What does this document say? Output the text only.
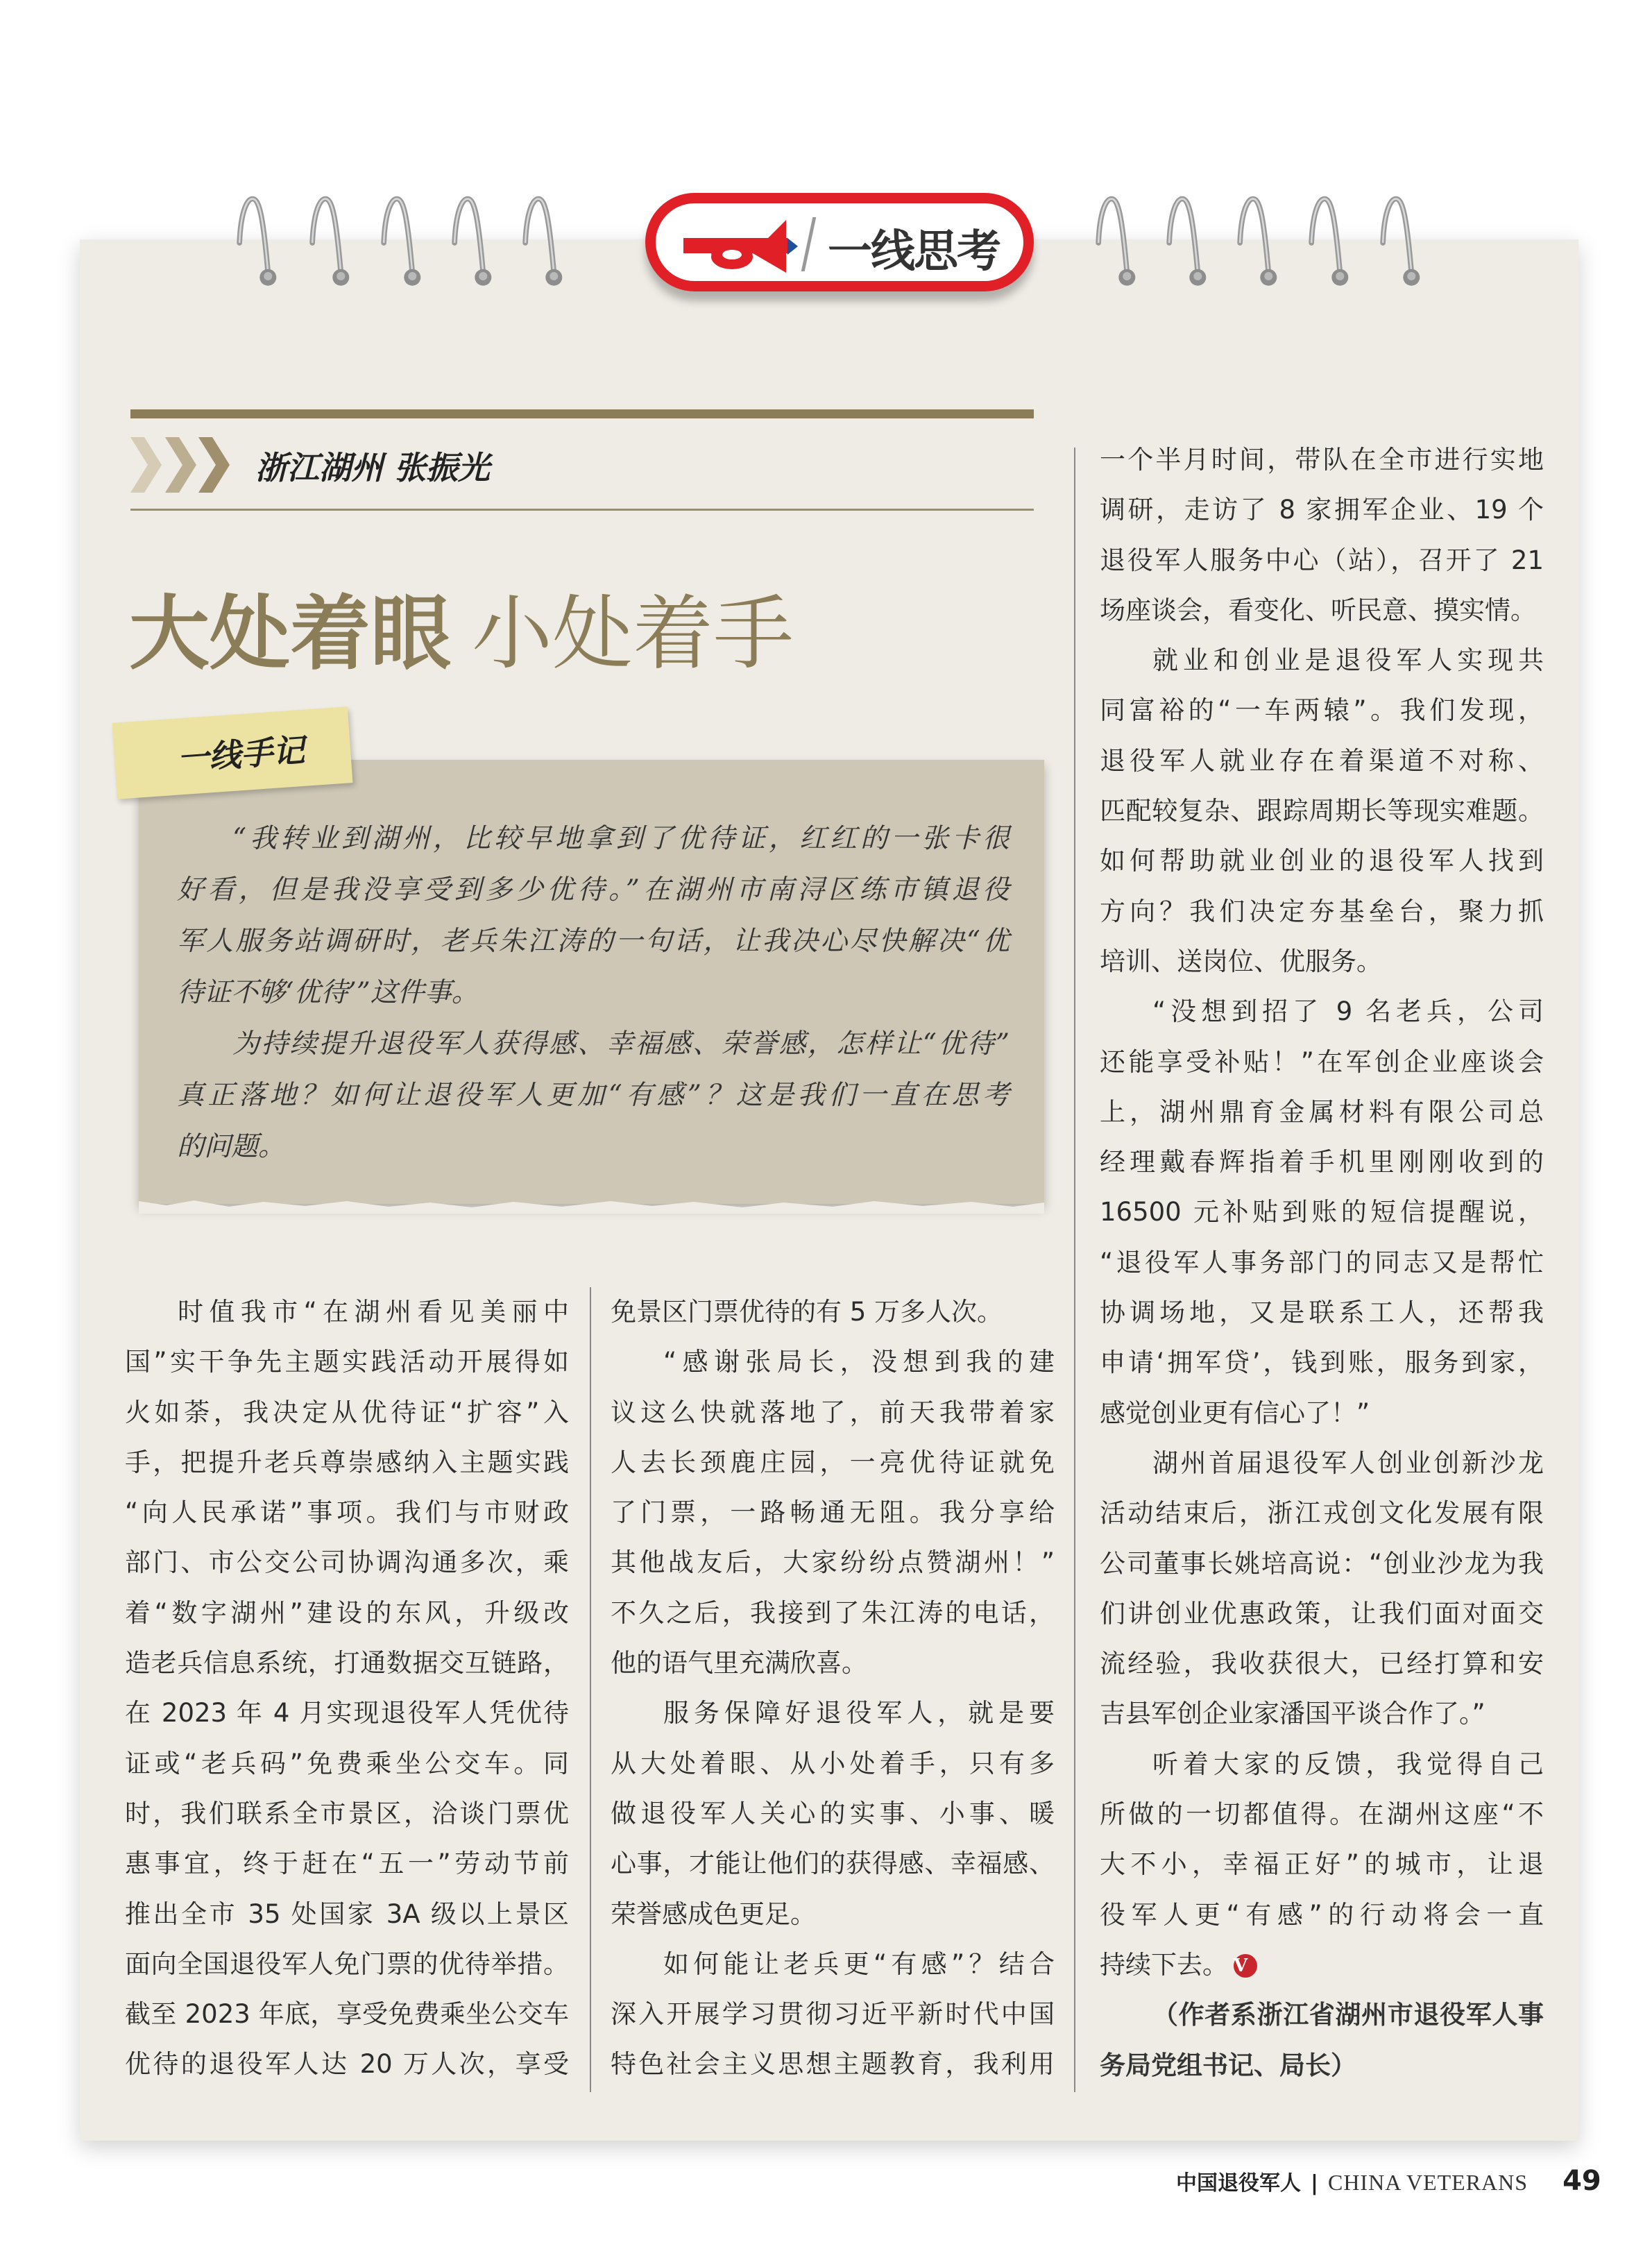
一线思考
浙江湖州 张振光
大处着眼 小处着手
一线手记
“我转业到湖州，比较早地拿到了优待证，红红的一张卡很
好看，但是我没享受到多少优待。”在湖州市南浔区练市镇退役
军人服务站调研时，老兵朱江涛的一句话，让我决心尽快解决“优
待证不够‘优待’”这件事。
为持续提升退役军人获得感、幸福感、荣誉感，怎样让“优待”
真正落地？如何让退役军人更加“有感”？这是我们一直在思考
的问题。
时值我市“在湖州看见美丽中
国”实干争先主题实践活动开展得如
火如荼，我决定从优待证“扩容”入
手，把提升老兵尊崇感纳入主题实践
“向人民承诺”事项。我们与市财政
部门、市公交公司协调沟通多次，乘
着“数字湖州”建设的东风，升级改
造老兵信息系统，打通数据交互链路，
在 2023 年 4 月实现退役军人凭优待
证或“老兵码”免费乘坐公交车。同
时，我们联系全市景区，洽谈门票优
惠事宜，终于赶在“五一”劳动节前
推出全市 35 处国家 3A 级以上景区
面向全国退役军人免门票的优待举措。
截至 2023 年底，享受免费乘坐公交车
优待的退役军人达 20 万人次，享受
免景区门票优待的有 5 万多人次。
“感谢张局长，没想到我的建
议这么快就落地了，前天我带着家
人去长颈鹿庄园，一亮优待证就免
了门票，一路畅通无阻。我分享给
其他战友后，大家纷纷点赞湖州！”
不久之后，我接到了朱江涛的电话，
他的语气里充满欣喜。
服务保障好退役军人，就是要
从大处着眼、从小处着手，只有多
做退役军人关心的实事、小事、暖
心事，才能让他们的获得感、幸福感、
荣誉感成色更足。
如何能让老兵更“有感”？结合
深入开展学习贯彻习近平新时代中国
特色社会主义思想主题教育，我利用
一个半月时间，带队在全市进行实地
调研，走访了 8 家拥军企业、19 个
退役军人服务中心（站），召开了 21
场座谈会，看变化、听民意、摸实情。
就业和创业是退役军人实现共
同富裕的“一车两辕”。我们发现，
退役军人就业存在着渠道不对称、
匹配较复杂、跟踪周期长等现实难题。
如何帮助就业创业的退役军人找到
方向？我们决定夯基垒台，聚力抓
培训、送岗位、优服务。
“没想到招了 9 名老兵，公司
还能享受补贴！”在军创企业座谈会
上，湖州鼎育金属材料有限公司总
经理戴春辉指着手机里刚刚收到的
16500 元补贴到账的短信提醒说，
“退役军人事务部门的同志又是帮忙
协调场地，又是联系工人，还帮我
申请‘拥军贷’，钱到账，服务到家，
感觉创业更有信心了！”
湖州首届退役军人创业创新沙龙
活动结束后，浙江戎创文化发展有限
公司董事长姚培高说：“创业沙龙为我
们讲创业优惠政策，让我们面对面交
流经验，我收获很大，已经打算和安
吉县军创企业家潘国平谈合作了。”
听着大家的反馈，我觉得自己
所做的一切都值得。在湖州这座“不
大不小，幸福正好”的城市，让退
役军人更“有感”的行动将会一直
持续下去。 V
（作者系浙江省湖州市退役军人事
务局党组书记、局长）
中国退役军人 | CHINA VETERANS 49
